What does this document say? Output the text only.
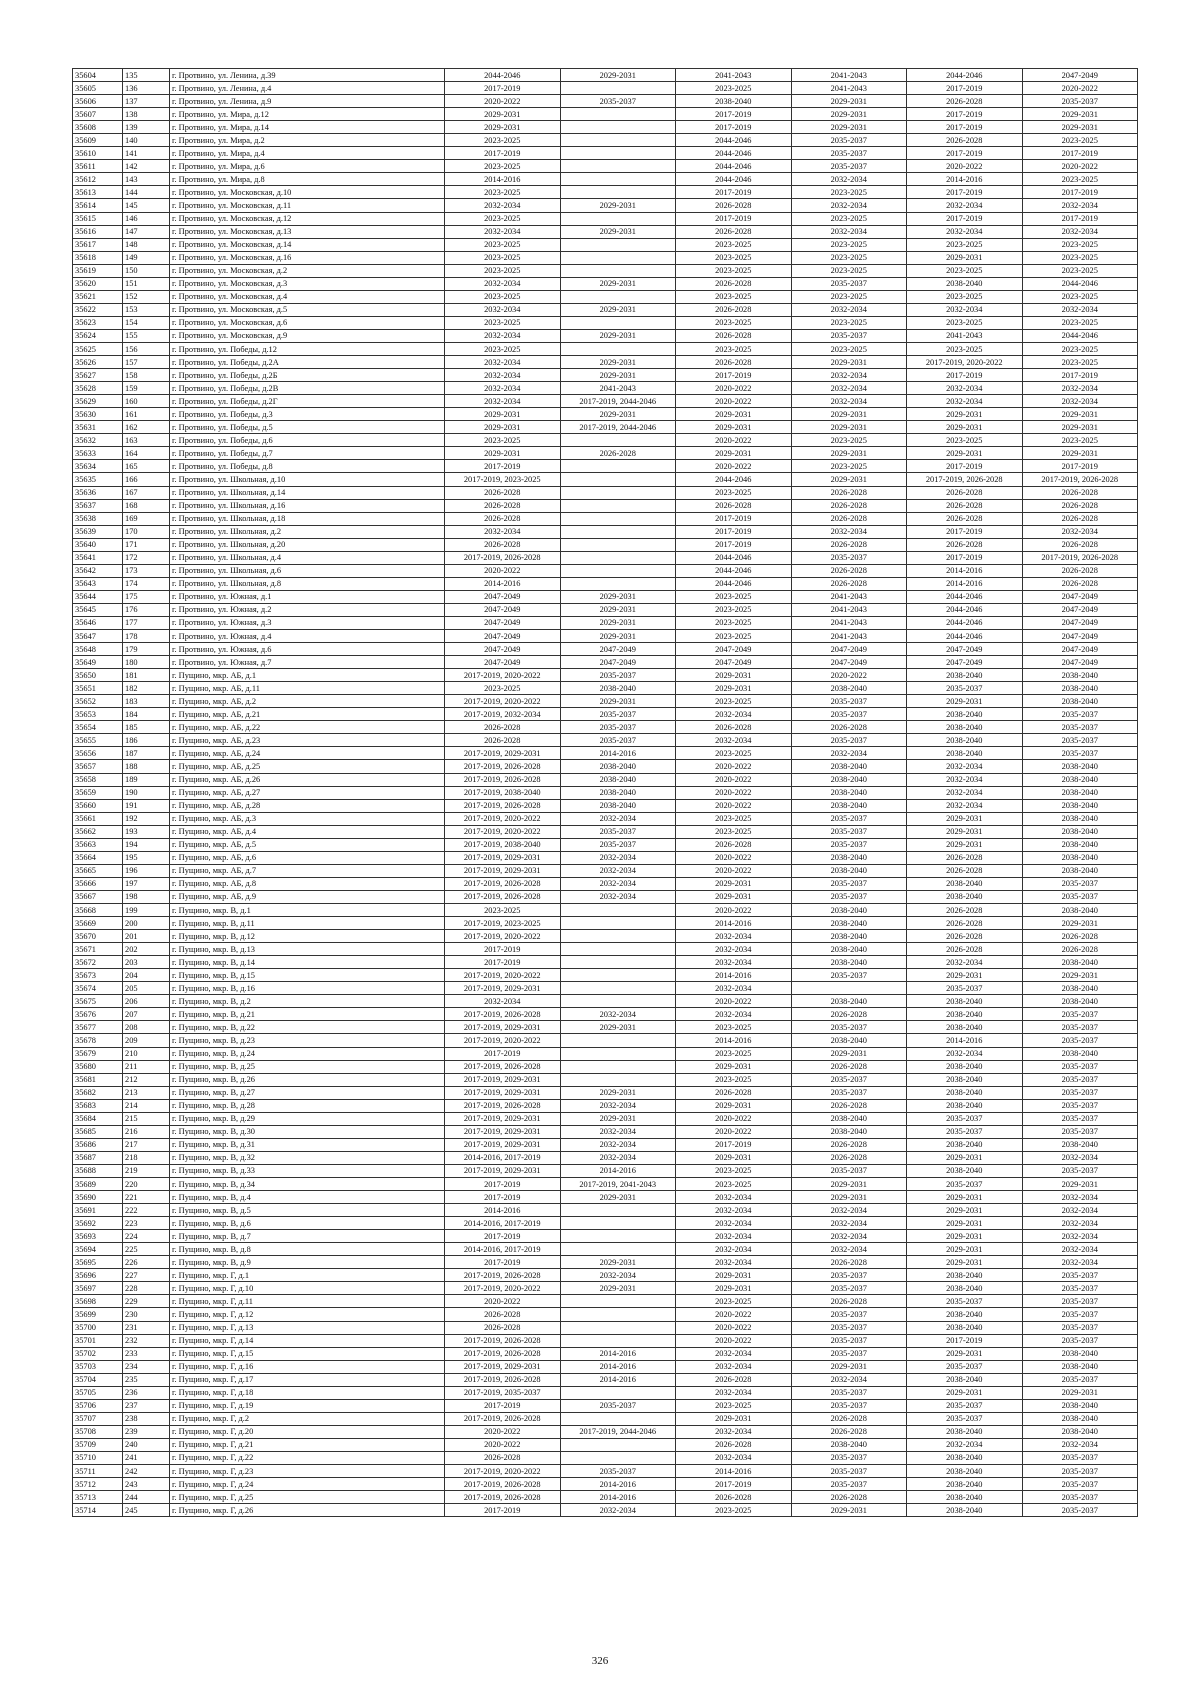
35604	135	г. Протвино, ул. Ленина, д.39	2044-2046	2029-2031	2041-2043	2041-2043	2044-2046	2047-2049
35605	136	г. Протвино, ул. Ленина, д.4	2017-2019		2023-2025	2041-2043	2017-2019	2020-2022
35606	137	г. Протвино, ул. Ленина, д.9	2020-2022	2035-2037	2038-2040	2029-2031	2026-2028	2035-2037
35607	138	г. Протвино, ул. Мира, д.12	2029-2031		2017-2019	2029-2031	2017-2019	2029-2031
35608	139	г. Протвино, ул. Мира, д.14	2029-2031		2017-2019	2029-2031	2017-2019	2029-2031
35609	140	г. Протвино, ул. Мира, д.2	2023-2025		2044-2046	2035-2037	2026-2028	2023-2025
35610	141	г. Протвино, ул. Мира, д.4	2017-2019		2044-2046	2035-2037	2017-2019	2017-2019
35611	142	г. Протвино, ул. Мира, д.6	2023-2025		2044-2046	2035-2037	2020-2022	2020-2022
35612	143	г. Протвино, ул. Мира, д.8	2014-2016		2044-2046	2032-2034	2014-2016	2023-2025
35613	144	г. Протвино, ул. Московская, д.10	2023-2025		2017-2019	2023-2025	2017-2019	2017-2019
35614	145	г. Протвино, ул. Московская, д.11	2032-2034	2029-2031	2026-2028	2032-2034	2032-2034	2032-2034
35615	146	г. Протвино, ул. Московская, д.12	2023-2025		2017-2019	2023-2025	2017-2019	2017-2019
35616	147	г. Протвино, ул. Московская, д.13	2032-2034	2029-2031	2026-2028	2032-2034	2032-2034	2032-2034
35617	148	г. Протвино, ул. Московская, д.14	2023-2025		2023-2025	2023-2025	2023-2025	2023-2025
35618	149	г. Протвино, ул. Московская, д.16	2023-2025		2023-2025	2023-2025	2029-2031	2023-2025
35619	150	г. Протвино, ул. Московская, д.2	2023-2025		2023-2025	2023-2025	2023-2025	2023-2025
35620	151	г. Протвино, ул. Московская, д.3	2032-2034	2029-2031	2026-2028	2035-2037	2038-2040	2044-2046
35621	152	г. Протвино, ул. Московская, д.4	2023-2025		2023-2025	2023-2025	2023-2025	2023-2025
35622	153	г. Протвино, ул. Московская, д.5	2032-2034	2029-2031	2026-2028	2032-2034	2032-2034	2032-2034
35623	154	г. Протвино, ул. Московская, д.6	2023-2025		2023-2025	2023-2025	2023-2025	2023-2025
35624	155	г. Протвино, ул. Московская, д.9	2032-2034	2029-2031	2026-2028	2035-2037	2041-2043	2044-2046
35625	156	г. Протвино, ул. Победы, д.12	2023-2025		2023-2025	2023-2025	2023-2025	2023-2025
35626	157	г. Протвино, ул. Победы, д.2А	2032-2034	2029-2031	2026-2028	2029-2031	2017-2019, 2020-2022	2023-2025
35627	158	г. Протвино, ул. Победы, д.2Б	2032-2034	2029-2031	2017-2019	2032-2034	2017-2019	2017-2019
35628	159	г. Протвино, ул. Победы, д.2В	2032-2034	2041-2043	2020-2022	2032-2034	2032-2034	2032-2034
35629	160	г. Протвино, ул. Победы, д.2Г	2032-2034	2017-2019, 2044-2046	2020-2022	2032-2034	2032-2034	2032-2034
35630	161	г. Протвино, ул. Победы, д.3	2029-2031	2029-2031	2029-2031	2029-2031	2029-2031	2029-2031
35631	162	г. Протвино, ул. Победы, д.5	2029-2031	2017-2019, 2044-2046	2029-2031	2029-2031	2029-2031	2029-2031
35632	163	г. Протвино, ул. Победы, д.6	2023-2025		2020-2022	2023-2025	2023-2025	2023-2025
35633	164	г. Протвино, ул. Победы, д.7	2029-2031	2026-2028	2029-2031	2029-2031	2029-2031	2029-2031
35634	165	г. Протвино, ул. Победы, д.8	2017-2019		2020-2022	2023-2025	2017-2019	2017-2019
35635	166	г. Протвино, ул. Школьная, д.10	2017-2019, 2023-2025		2044-2046	2029-2031	2017-2019, 2026-2028	2017-2019, 2026-2028
35636	167	г. Протвино, ул. Школьная, д.14	2026-2028		2023-2025	2026-2028	2026-2028	2026-2028
35637	168	г. Протвино, ул. Школьная, д.16	2026-2028		2026-2028	2026-2028	2026-2028	2026-2028
35638	169	г. Протвино, ул. Школьная, д.18	2026-2028		2017-2019	2026-2028	2026-2028	2026-2028
35639	170	г. Протвино, ул. Школьная, д.2	2032-2034		2017-2019	2032-2034	2017-2019	2032-2034
35640	171	г. Протвино, ул. Школьная, д.20	2026-2028		2017-2019	2026-2028	2026-2028	2026-2028
35641	172	г. Протвино, ул. Школьная, д.4	2017-2019, 2026-2028		2044-2046	2035-2037	2017-2019	2017-2019, 2026-2028
35642	173	г. Протвино, ул. Школьная, д.6	2020-2022		2044-2046	2026-2028	2014-2016	2026-2028
35643	174	г. Протвино, ул. Школьная, д.8	2014-2016		2044-2046	2026-2028	2014-2016	2026-2028
35644	175	г. Протвино, ул. Южная, д.1	2047-2049	2029-2031	2023-2025	2041-2043	2044-2046	2047-2049
35645	176	г. Протвино, ул. Южная, д.2	2047-2049	2029-2031	2023-2025	2041-2043	2044-2046	2047-2049
35646	177	г. Протвино, ул. Южная, д.3	2047-2049	2029-2031	2023-2025	2041-2043	2044-2046	2047-2049
35647	178	г. Протвино, ул. Южная, д.4	2047-2049	2029-2031	2023-2025	2041-2043	2044-2046	2047-2049
35648	179	г. Протвино, ул. Южная, д.6	2047-2049	2047-2049	2047-2049	2047-2049	2047-2049	2047-2049
35649	180	г. Протвино, ул. Южная, д.7	2047-2049	2047-2049	2047-2049	2047-2049	2047-2049	2047-2049
35650	181	г. Пущино, мкр. АБ, д.1	2017-2019, 2020-2022	2035-2037	2029-2031	2020-2022	2038-2040	2038-2040
35651	182	г. Пущино, мкр. АБ, д.11	2023-2025	2038-2040	2029-2031	2038-2040	2035-2037	2038-2040
35652	183	г. Пущино, мкр. АБ, д.2	2017-2019, 2020-2022	2029-2031	2023-2025	2035-2037	2029-2031	2038-2040
35653	184	г. Пущино, мкр. АБ, д.21	2017-2019, 2032-2034	2035-2037	2032-2034	2035-2037	2038-2040	2035-2037
35654	185	г. Пущино, мкр. АБ, д.22	2026-2028	2035-2037	2026-2028	2026-2028	2038-2040	2035-2037
35655	186	г. Пущино, мкр. АБ, д.23	2026-2028	2035-2037	2032-2034	2035-2037	2038-2040	2035-2037
35656	187	г. Пущино, мкр. АБ, д.24	2017-2019, 2029-2031	2014-2016	2023-2025	2032-2034	2038-2040	2035-2037
35657	188	г. Пущино, мкр. АБ, д.25	2017-2019, 2026-2028	2038-2040	2020-2022	2038-2040	2032-2034	2038-2040
35658	189	г. Пущино, мкр. АБ, д.26	2017-2019, 2026-2028	2038-2040	2020-2022	2038-2040	2032-2034	2038-2040
35659	190	г. Пущино, мкр. АБ, д.27	2017-2019, 2038-2040	2038-2040	2020-2022	2038-2040	2032-2034	2038-2040
35660	191	г. Пущино, мкр. АБ, д.28	2017-2019, 2026-2028	2038-2040	2020-2022	2038-2040	2032-2034	2038-2040
35661	192	г. Пущино, мкр. АБ, д.3	2017-2019, 2020-2022	2032-2034	2023-2025	2035-2037	2029-2031	2038-2040
35662	193	г. Пущино, мкр. АБ, д.4	2017-2019, 2020-2022	2035-2037	2023-2025	2035-2037	2029-2031	2038-2040
35663	194	г. Пущино, мкр. АБ, д.5	2017-2019, 2038-2040	2035-2037	2026-2028	2035-2037	2029-2031	2038-2040
35664	195	г. Пущино, мкр. АБ, д.6	2017-2019, 2029-2031	2032-2034	2020-2022	2038-2040	2026-2028	2038-2040
35665	196	г. Пущино, мкр. АБ, д.7	2017-2019, 2029-2031	2032-2034	2020-2022	2038-2040	2026-2028	2038-2040
35666	197	г. Пущино, мкр. АБ, д.8	2017-2019, 2026-2028	2032-2034	2029-2031	2035-2037	2038-2040	2035-2037
35667	198	г. Пущино, мкр. АБ, д.9	2017-2019, 2026-2028	2032-2034	2029-2031	2035-2037	2038-2040	2035-2037
35668	199	г. Пущино, мкр. В, д.1	2023-2025		2020-2022	2038-2040	2026-2028	2038-2040
35669	200	г. Пущино, мкр. В, д.11	2017-2019, 2023-2025		2014-2016	2038-2040	2026-2028	2029-2031
35670	201	г. Пущино, мкр. В, д.12	2017-2019, 2020-2022		2032-2034	2038-2040	2026-2028	2026-2028
35671	202	г. Пущино, мкр. В, д.13	2017-2019		2032-2034	2038-2040	2026-2028	2026-2028
35672	203	г. Пущино, мкр. В, д.14	2017-2019		2032-2034	2038-2040	2032-2034	2038-2040
35673	204	г. Пущино, мкр. В, д.15	2017-2019, 2020-2022		2014-2016	2035-2037	2029-2031	2029-2031
35674	205	г. Пущино, мкр. В, д.16	2017-2019, 2029-2031		2032-2034		2035-2037	2038-2040
35675	206	г. Пущино, мкр. В, д.2	2032-2034		2020-2022	2038-2040	2038-2040	2038-2040
35676	207	г. Пущино, мкр. В, д.21	2017-2019, 2026-2028	2032-2034	2032-2034	2026-2028	2038-2040	2035-2037
35677	208	г. Пущино, мкр. В, д.22	2017-2019, 2029-2031	2029-2031	2023-2025	2035-2037	2038-2040	2035-2037
35678	209	г. Пущино, мкр. В, д.23	2017-2019, 2020-2022		2014-2016	2038-2040	2014-2016	2035-2037
35679	210	г. Пущино, мкр. В, д.24	2017-2019		2023-2025	2029-2031	2032-2034	2038-2040
35680	211	г. Пущино, мкр. В, д.25	2017-2019, 2026-2028		2029-2031	2026-2028	2038-2040	2035-2037
35681	212	г. Пущино, мкр. В, д.26	2017-2019, 2029-2031		2023-2025	2035-2037	2038-2040	2035-2037
35682	213	г. Пущино, мкр. В, д.27	2017-2019, 2029-2031	2029-2031	2026-2028	2035-2037	2038-2040	2035-2037
35683	214	г. Пущино, мкр. В, д.28	2017-2019, 2026-2028	2032-2034	2029-2031	2026-2028	2038-2040	2035-2037
35684	215	г. Пущино, мкр. В, д.29	2017-2019, 2029-2031	2029-2031	2020-2022	2038-2040	2035-2037	2035-2037
35685	216	г. Пущино, мкр. В, д.30	2017-2019, 2029-2031	2032-2034	2020-2022	2038-2040	2035-2037	2035-2037
35686	217	г. Пущино, мкр. В, д.31	2017-2019, 2029-2031	2032-2034	2017-2019	2026-2028	2038-2040	2038-2040
35687	218	г. Пущино, мкр. В, д.32	2014-2016, 2017-2019	2032-2034	2029-2031	2026-2028	2029-2031	2032-2034
35688	219	г. Пущино, мкр. В, д.33	2017-2019, 2029-2031	2014-2016	2023-2025	2035-2037	2038-2040	2035-2037
35689	220	г. Пущино, мкр. В, д.34	2017-2019	2017-2019, 2041-2043	2023-2025	2029-2031	2035-2037	2029-2031
35690	221	г. Пущино, мкр. В, д.4	2017-2019	2029-2031	2032-2034	2029-2031	2029-2031	2032-2034
35691	222	г. Пущино, мкр. В, д.5	2014-2016		2032-2034	2032-2034	2029-2031	2032-2034
35692	223	г. Пущино, мкр. В, д.6	2014-2016, 2017-2019		2032-2034	2032-2034	2029-2031	2032-2034
35693	224	г. Пущино, мкр. В, д.7	2017-2019		2032-2034	2032-2034	2029-2031	2032-2034
35694	225	г. Пущино, мкр. В, д.8	2014-2016, 2017-2019		2032-2034	2032-2034	2029-2031	2032-2034
35695	226	г. Пущино, мкр. В, д.9	2017-2019	2029-2031	2032-2034	2026-2028	2029-2031	2032-2034
35696	227	г. Пущино, мкр. Г, д.1	2017-2019, 2026-2028	2032-2034	2029-2031	2035-2037	2038-2040	2035-2037
35697	228	г. Пущино, мкр. Г, д.10	2017-2019, 2020-2022	2029-2031	2029-2031	2035-2037	2038-2040	2035-2037
35698	229	г. Пущино, мкр. Г, д.11	2020-2022		2023-2025	2026-2028	2035-2037	2035-2037
35699	230	г. Пущино, мкр. Г, д.12	2026-2028		2020-2022	2035-2037	2038-2040	2035-2037
35700	231	г. Пущино, мкр. Г, д.13	2026-2028		2020-2022	2035-2037	2038-2040	2035-2037
35701	232	г. Пущино, мкр. Г, д.14	2017-2019, 2026-2028		2020-2022	2035-2037	2017-2019	2035-2037
35702	233	г. Пущино, мкр. Г, д.15	2017-2019, 2026-2028	2014-2016	2032-2034	2035-2037	2029-2031	2038-2040
35703	234	г. Пущино, мкр. Г, д.16	2017-2019, 2029-2031	2014-2016	2032-2034	2029-2031	2035-2037	2038-2040
35704	235	г. Пущино, мкр. Г, д.17	2017-2019, 2026-2028	2014-2016	2026-2028	2032-2034	2038-2040	2035-2037
35705	236	г. Пущино, мкр. Г, д.18	2017-2019, 2035-2037		2032-2034	2035-2037	2029-2031	2029-2031
35706	237	г. Пущино, мкр. Г, д.19	2017-2019	2035-2037	2023-2025	2035-2037	2035-2037	2038-2040
35707	238	г. Пущино, мкр. Г, д.2	2017-2019, 2026-2028		2029-2031	2026-2028	2035-2037	2038-2040
35708	239	г. Пущино, мкр. Г, д.20	2020-2022	2017-2019, 2044-2046	2032-2034	2026-2028	2038-2040	2038-2040
35709	240	г. Пущино, мкр. Г, д.21	2020-2022		2026-2028	2038-2040	2032-2034	2032-2034
35710	241	г. Пущино, мкр. Г, д.22	2026-2028		2032-2034	2035-2037	2038-2040	2035-2037
35711	242	г. Пущино, мкр. Г, д.23	2017-2019, 2020-2022	2035-2037	2014-2016	2035-2037	2038-2040	2035-2037
35712	243	г. Пущино, мкр. Г, д.24	2017-2019, 2026-2028	2014-2016	2017-2019	2035-2037	2038-2040	2035-2037
35713	244	г. Пущино, мкр. Г, д.25	2017-2019, 2026-2028	2014-2016	2026-2028	2026-2028	2038-2040	2035-2037
35714	245	г. Пущино, мкр. Г, д.26	2017-2019	2032-2034	2023-2025	2029-2031	2038-2040	2035-2037
326
